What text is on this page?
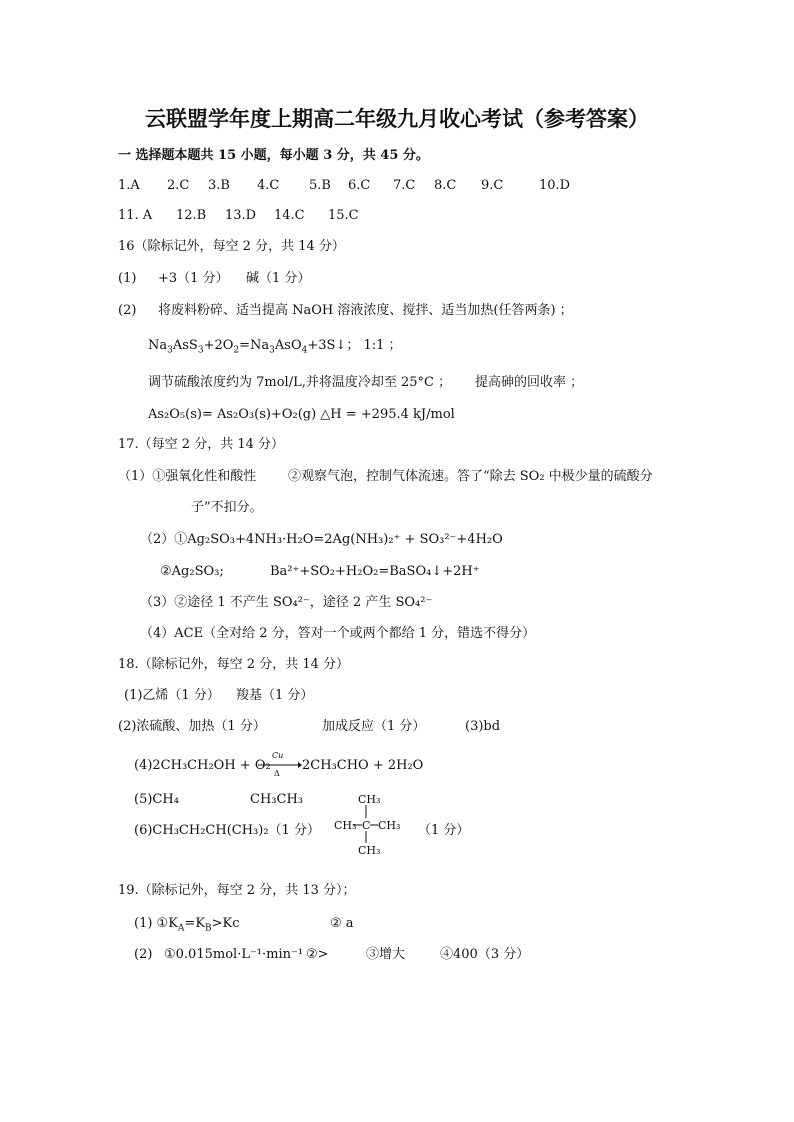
云联盟学年度上期高二年级九月收心考试（参考答案）
一 选择题本题共 15 小题，每小题 3 分，共 45 分。
1.A 2.C 3.B 4.C 5.B 6.C 7.C 8.C 9.C	10.D
11. A 12.B 13.D 14.C 15.C
16（除标记外，每空 2 分，共 14 分）
(1) +3（1 分） 碱（1 分）
(2) 将废料粉碎、适当提高 NaOH 溶液浓度、搅拌、适当加热(任答两条) ；
$Na_3AsS_3+2O_2=Na_3AsO_4+3S↓$； 1:1 ；
调节硫酸浓度约为 7mol/L,并将温度冷却至 25°C ； 提高砷的回收率 ；
As₂O₅(s)= As₂O₃(s)+O₂(g) △H = +295.4 kJ/mol
17.（每空 2 分，共 14 分）
（1）①强氧化性和酸性 ②观察气泡，控制气体流速。答了“除去 SO₂ 中极少量的硫酸分
子”不扣分。
（2）①Ag₂SO₃+4NH₃·H₂O=2Ag(NH₃)₂⁺ + SO₃²⁻+4H₂O
②Ag₂SO₃;	Ba²⁺+SO₂+H₂O₂=BaSO₄↓+2H⁺
（3）②途径 1 不产生 SO₄²⁻，途径 2 产生 SO₄²⁻
（4）ACE（全对给 2 分，答对一个或两个都给 1 分，错选不得分）
18.（除标记外，每空 2 分，共 14 分）
(1)乙烯（1 分） 羧基（1 分）
(2)浓硫酸、加热（1 分）	加成反应（1 分）	(3)bd
(4)2CH₃CH₂OH + O₂
Cu
Δ
2CH₃CHO + 2H₂O
(5)CH₄	CH₃CH₃
(6)CH₃CH₂CH(CH₃)₂（1 分）
CH₃
CH₃ C CH₃
CH₃
（1 分）
19.（除标记外，每空 2 分，共 13 分）；
(1) $①K_A=K_B>Kc$	② a
(2) ①0.015mol·L⁻¹·min⁻¹ ②>	③增大	④400（3 分）
